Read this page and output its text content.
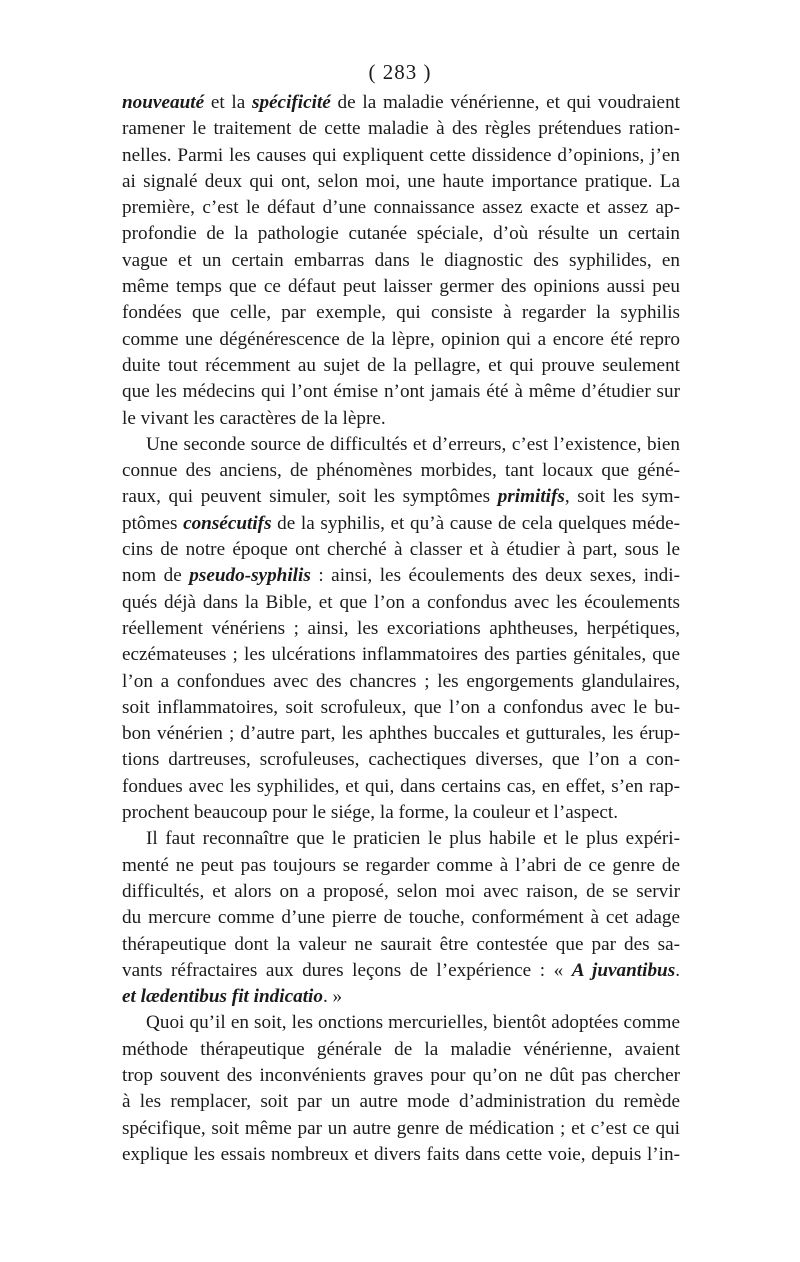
( 283 )
nouveauté et la spécificité de la maladie vénérienne, et qui voudraient
ramener le traitement de cette maladie à des règles prétendues ration-
nelles. Parmi les causes qui expliquent cette dissidence d’opinions, j’en
ai signalé deux qui ont, selon moi, une haute importance pratique. La
première, c’est le défaut d’une connaissance assez exacte et assez ap-
profondie de la pathologie cutanée spéciale, d’où résulte un certain
vague et un certain embarras dans le diagnostic des syphilides, en
même temps que ce défaut peut laisser germer des opinions aussi peu
fondées que celle, par exemple, qui consiste à regarder la syphilis
comme une dégénérescence de la lèpre, opinion qui a encore été repro
duite tout récemment au sujet de la pellagre, et qui prouve seulement
que les médecins qui l’ont émise n’ont jamais été à même d’étudier sur
le vivant les caractères de la lèpre.
Une seconde source de difficultés et d’erreurs, c’est l’existence, bien
connue des anciens, de phénomènes morbides, tant locaux que géné-
raux, qui peuvent simuler, soit les symptômes primitifs, soit les sym-
ptômes consécutifs de la syphilis, et qu’à cause de cela quelques méde-
cins de notre époque ont cherché à classer et à étudier à part, sous le
nom de pseudo-syphilis : ainsi, les écoulements des deux sexes, indi-
qués déjà dans la Bible, et que l’on a confondus avec les écoulements
réellement vénériens ; ainsi, les excoriations aphtheuses, herpétiques,
eczémateuses ; les ulcérations inflammatoires des parties génitales, que
l’on a confondues avec des chancres ; les engorgements glandulaires,
soit inflammatoires, soit scrofuleux, que l’on a confondus avec le bu-
bon vénérien ; d’autre part, les aphthes buccales et gutturales, les érup-
tions dartreuses, scrofuleuses, cachectiques diverses, que l’on a con-
fondues avec les syphilides, et qui, dans certains cas, en effet, s’en rap-
prochent beaucoup pour le siége, la forme, la couleur et l’aspect.
Il faut reconnaître que le praticien le plus habile et le plus expéri-
menté ne peut pas toujours se regarder comme à l’abri de ce genre de
difficultés, et alors on a proposé, selon moi avec raison, de se servir
du mercure comme d’une pierre de touche, conformément à cet adage
thérapeutique dont la valeur ne saurait être contestée que par des sa-
vants réfractaires aux dures leçons de l’expérience : « A juvantibus.
et lædentibus fit indicatio. »
Quoi qu’il en soit, les onctions mercurielles, bientôt adoptées comme
méthode thérapeutique générale de la maladie vénérienne, avaient
trop souvent des inconvénients graves pour qu’on ne dût pas chercher
à les remplacer, soit par un autre mode d’administration du remède
spécifique, soit même par un autre genre de médication ; et c’est ce qui
explique les essais nombreux et divers faits dans cette voie, depuis l’in-
